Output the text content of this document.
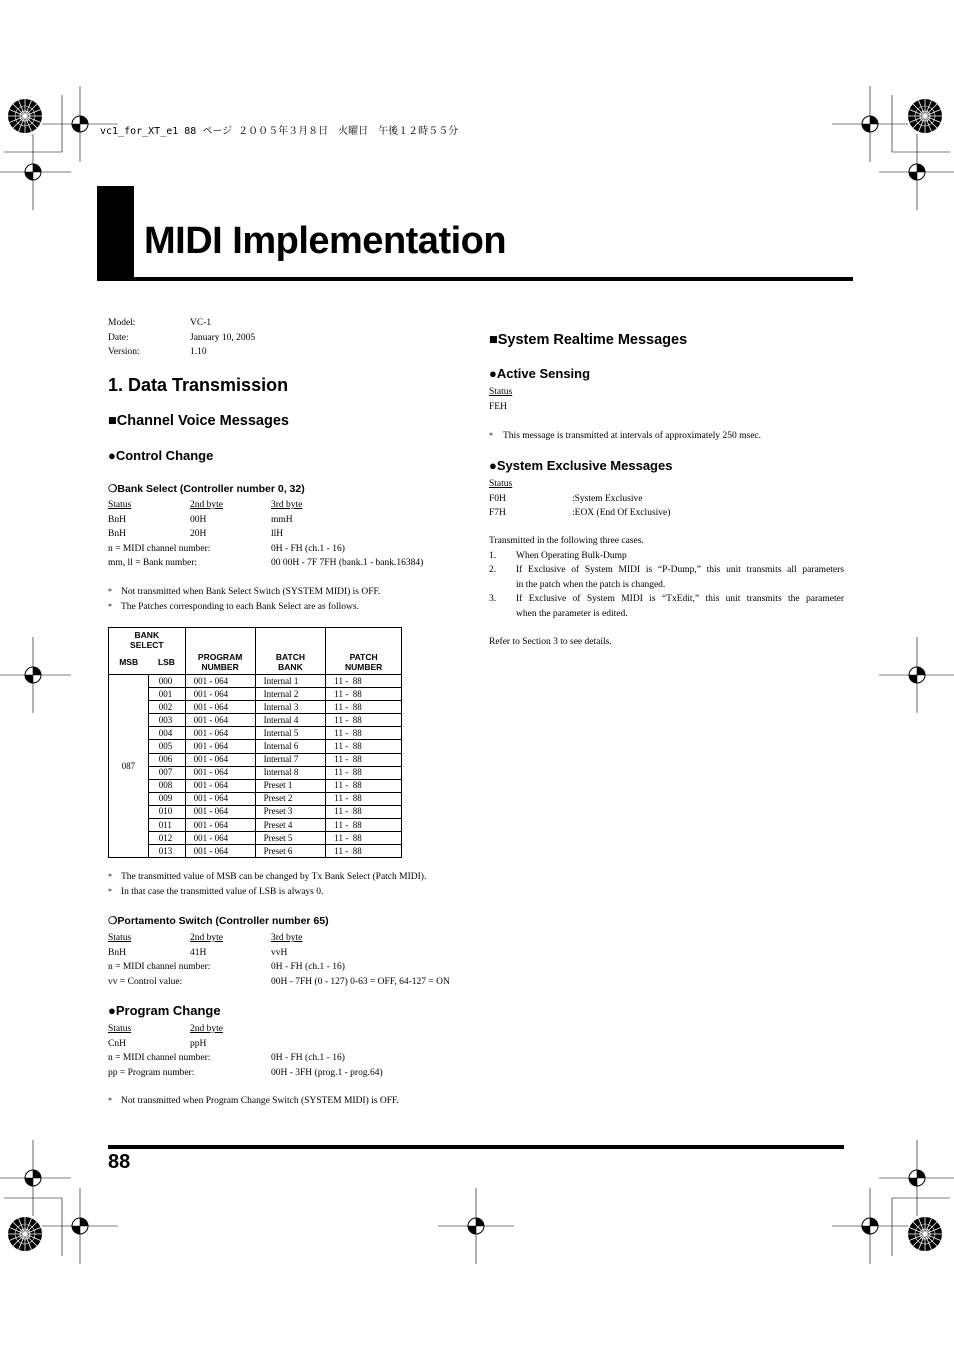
vc1_for_XT_e1 88 ページ ２００５年３月８日　火曜日　午後１２時５５分
MIDI Implementation
Model:	VC-1
Date:	January 10, 2005
Version:	1.10
1. Data Transmission
■Channel Voice Messages
●Control Change
❍Bank Select (Controller number 0, 32)
Status	2nd byte	3rd byte
BnH	00H	mmH
BnH	20H	llH
n = MIDI channel number:	0H - FH (ch.1 - 16)
mm, ll = Bank number:	00 00H - 7F 7FH (bank.1 - bank.16384)
* Not transmitted when Bank Select Switch (SYSTEM MIDI) is OFF.
* The Patches corresponding to each Bank Select are as follows.
BANK SELECT		PROGRAM NUMBER	BATCH BANK	PATCH NUMBER
MSB	LSB			
087	000	001 - 064	Internal 1	11 -  88
	001	001 - 064	Internal 2	11 -  88
	002	001 - 064	Internal 3	11 -  88
	003	001 - 064	Internal 4	11 -  88
	004	001 - 064	Internal 5	11 -  88
	005	001 - 064	Internal 6	11 -  88
	006	001 - 064	Internal 7	11 -  88
	007	001 - 064	Internal 8	11 -  88
	008	001 - 064	Preset 1	11 -  88
	009	001 - 064	Preset 2	11 -  88
	010	001 - 064	Preset 3	11 -  88
	011	001 - 064	Preset 4	11 -  88
	012	001 - 064	Preset 5	11 -  88
	013	001 - 064	Preset 6	11 -  88
* The transmitted value of MSB can be changed by Tx Bank Select (Patch MIDI).
* In that case the transmitted value of LSB is always 0.
❍Portamento Switch (Controller number 65)
Status	2nd byte	3rd byte
BnH	41H	vvH
n = MIDI channel number:	0H - FH (ch.1 - 16)
vv = Control value:	00H - 7FH (0 - 127) 0-63 = OFF, 64-127 = ON
●Program Change
Status	2nd byte
CnH	ppH
n = MIDI channel number:	0H - FH (ch.1 - 16)
pp = Program number:	00H - 3FH (prog.1 - prog.64)
* Not transmitted when Program Change Switch (SYSTEM MIDI) is OFF.
■System Realtime Messages
●Active Sensing
Status
FEH
* This message is transmitted at intervals of approximately 250 msec.
●System Exclusive Messages
Status
F0H	:System Exclusive
F7H	:EOX (End Of Exclusive)
Transmitted in the following three cases.
1. When Operating Bulk-Dump
2. If Exclusive of System MIDI is “P-Dump,” this unit transmits all parameters
in the patch when the patch is changed.
3. If Exclusive of System MIDI is “TxEdit,” this unit transmits the parameter
when the parameter is edited.
Refer to Section 3 to see details.
88
